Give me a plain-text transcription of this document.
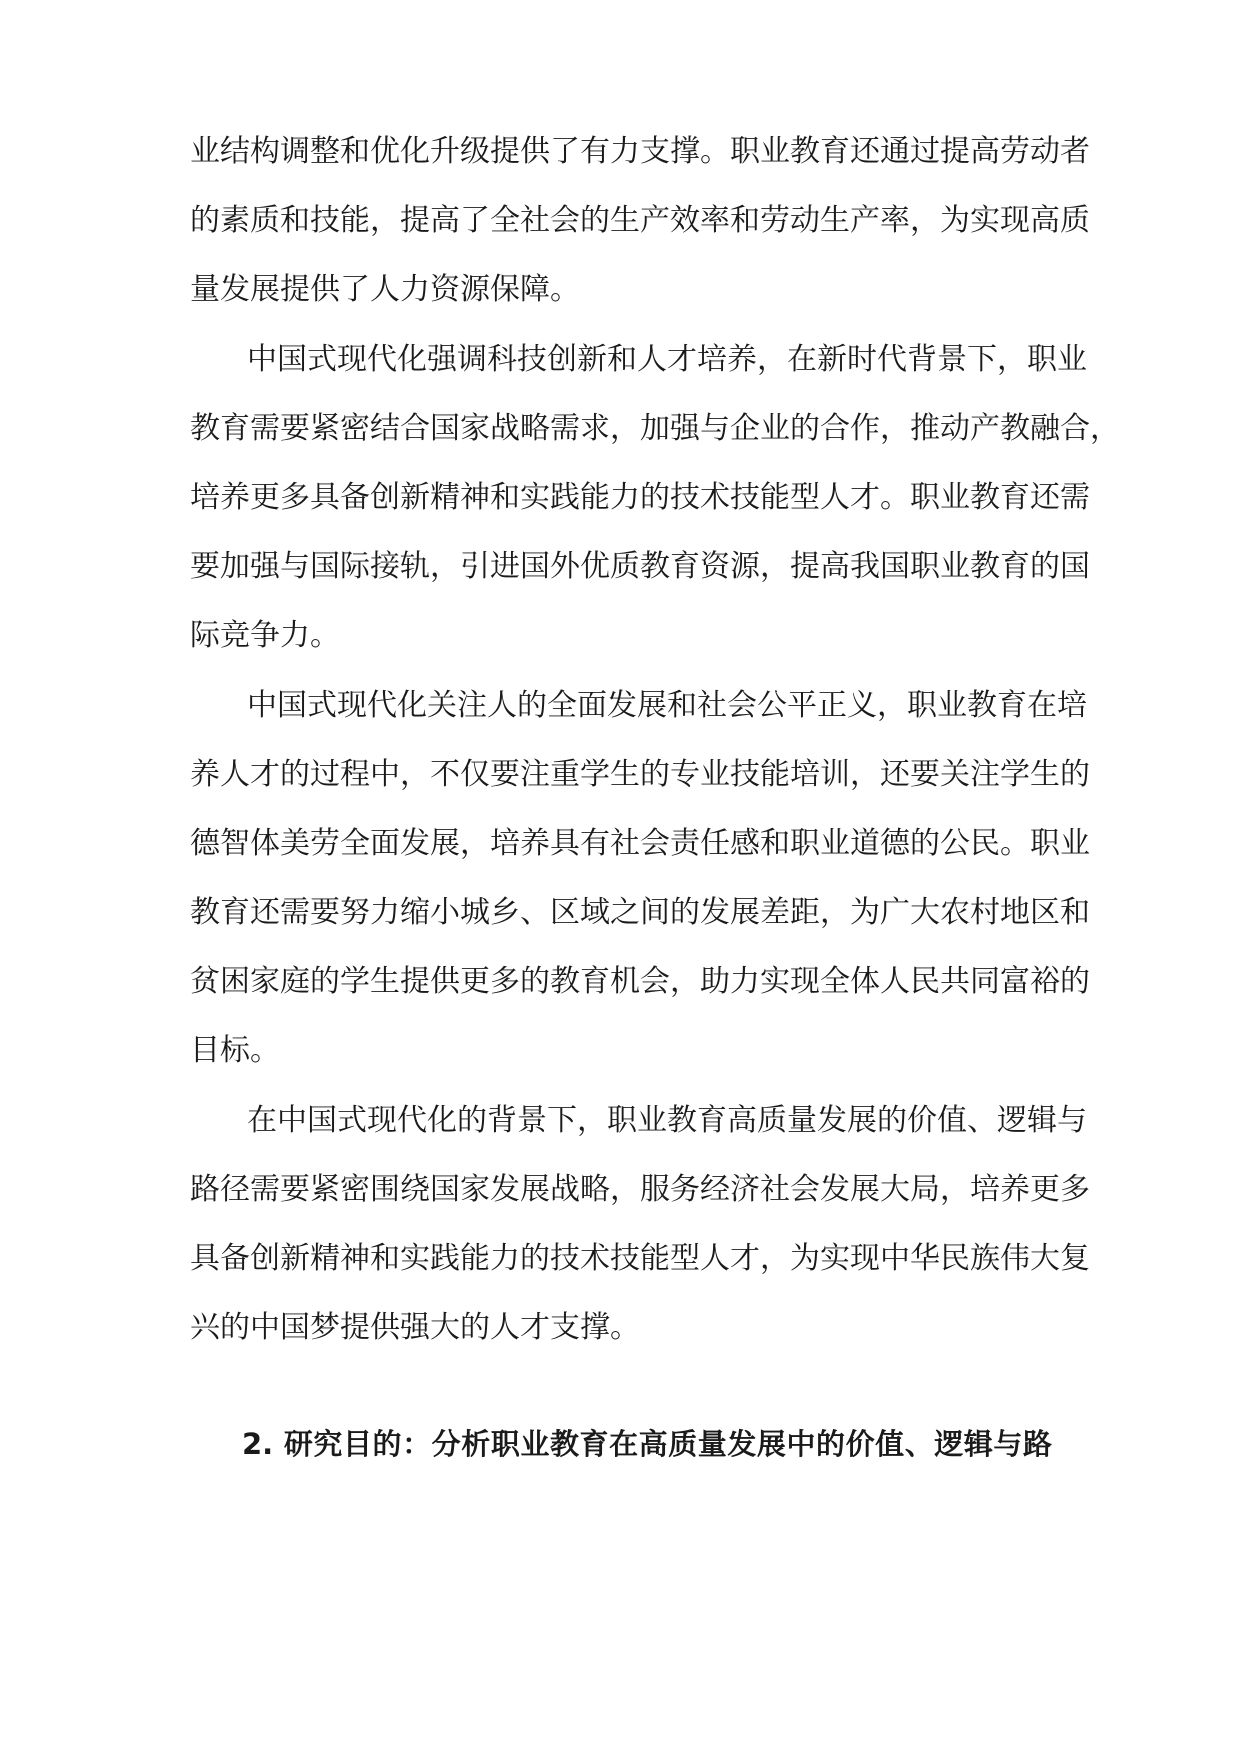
业结构调整和优化升级提供了有力支撑。职业教育还通过提高劳动者
的素质和技能，提高了全社会的生产效率和劳动生产率，为实现高质
量发展提供了人力资源保障。
中国式现代化强调科技创新和人才培养，在新时代背景下，职业
教育需要紧密结合国家战略需求，加强与企业的合作，推动产教融合，
培养更多具备创新精神和实践能力的技术技能型人才。职业教育还需
要加强与国际接轨，引进国外优质教育资源，提高我国职业教育的国
际竞争力。
中国式现代化关注人的全面发展和社会公平正义，职业教育在培
养人才的过程中，不仅要注重学生的专业技能培训，还要关注学生的
德智体美劳全面发展，培养具有社会责任感和职业道德的公民。职业
教育还需要努力缩小城乡、区域之间的发展差距，为广大农村地区和
贫困家庭的学生提供更多的教育机会，助力实现全体人民共同富裕的
目标。
在中国式现代化的背景下，职业教育高质量发展的价值、逻辑与
路径需要紧密围绕国家发展战略，服务经济社会发展大局，培养更多
具备创新精神和实践能力的技术技能型人才，为实现中华民族伟大复
兴的中国梦提供强大的人才支撑。
2. 研究目的：分析职业教育在高质量发展中的价值、逻辑与路
